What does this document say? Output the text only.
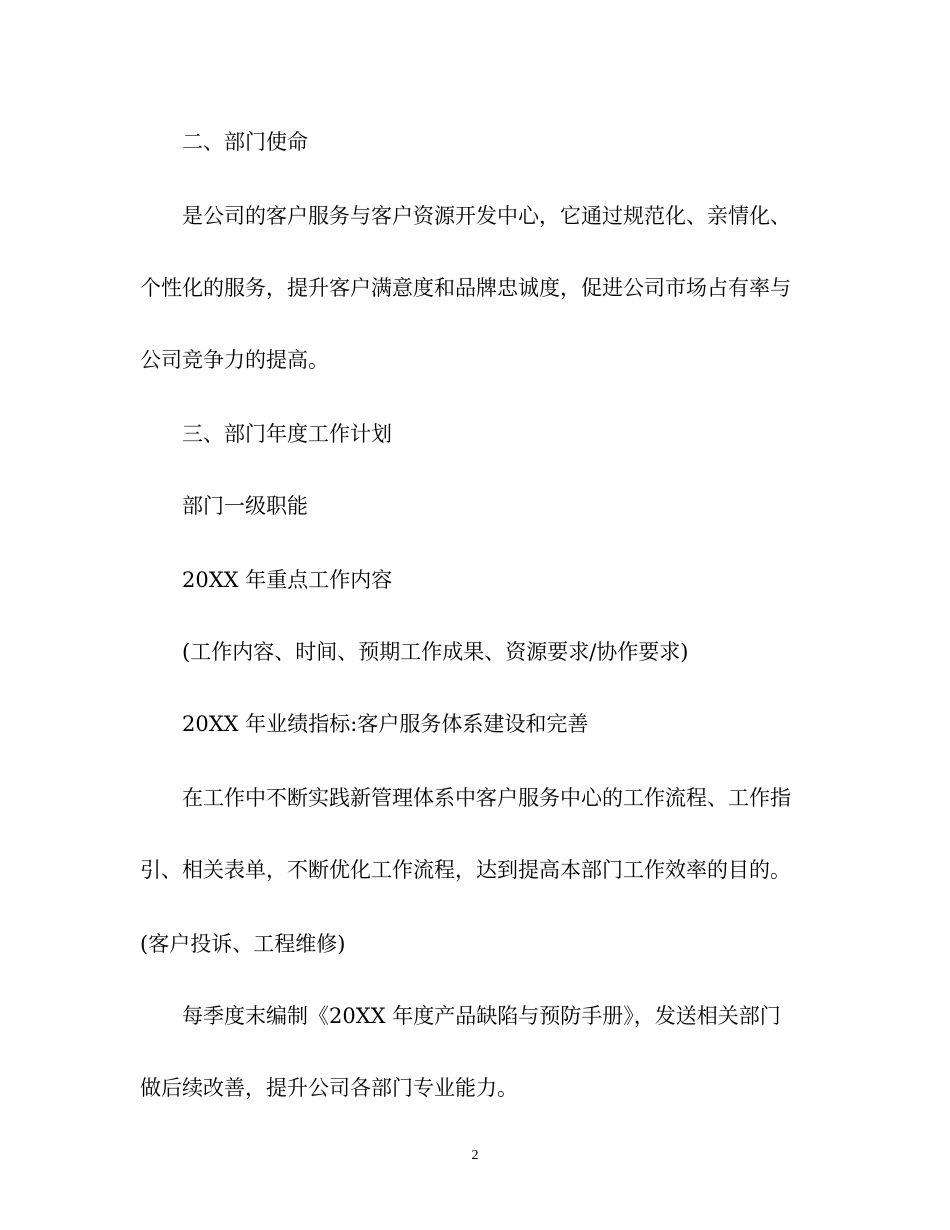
二、部门使命
是公司的客户服务与客户资源开发中心，它通过规范化、亲情化、
个性化的服务，提升客户满意度和品牌忠诚度，促进公司市场占有率与
公司竞争力的提高。
三、部门年度工作计划
部门一级职能
20XX 年重点工作内容
(工作内容、时间、预期工作成果、资源要求/协作要求)
20XX 年业绩指标:客户服务体系建设和完善
在工作中不断实践新管理体系中客户服务中心的工作流程、工作指
引、相关表单，不断优化工作流程，达到提高本部门工作效率的目的。
(客户投诉、工程维修)
每季度末编制《20XX 年度产品缺陷与预防手册》，发送相关部门
做后续改善，提升公司各部门专业能力。
2
